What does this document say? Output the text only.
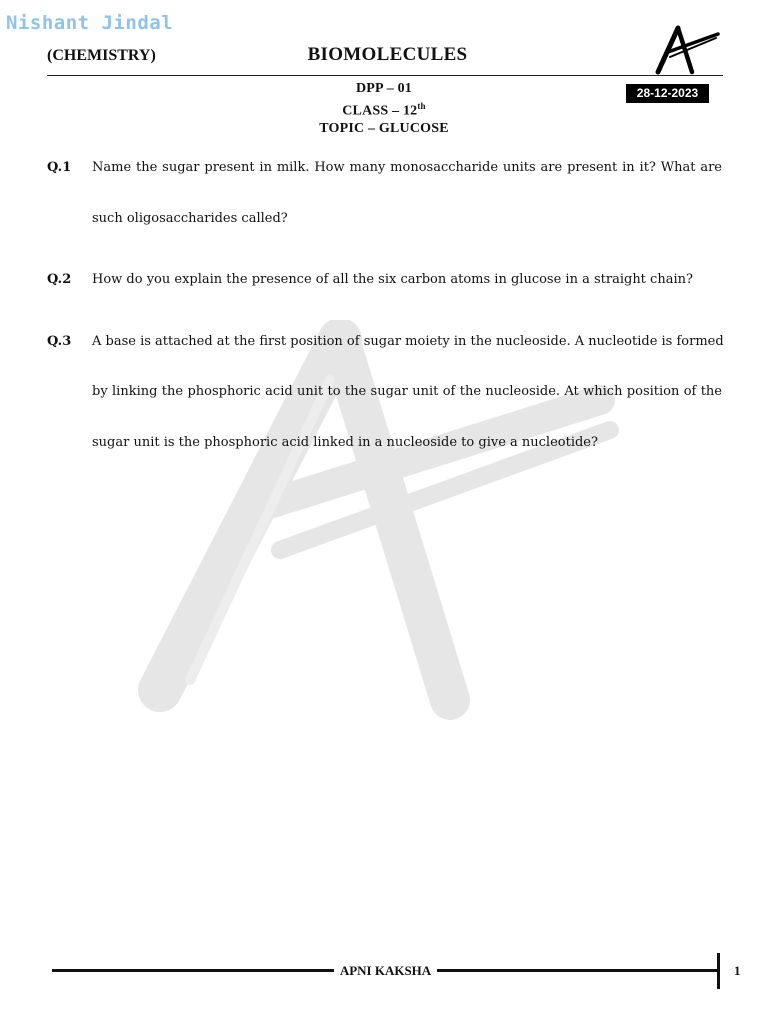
Nishant Jindal
(CHEMISTRY)	BIOMOLECULES
28-12-2023
DPP – 01
CLASS – 12th
TOPIC – GLUCOSE
Q.1 Name the sugar present in milk. How many monosaccharide units are present in it? What are
such oligosaccharides called?
Q.2 How do you explain the presence of all the six carbon atoms in glucose in a straight chain?
Q.3 A base is attached at the first position of sugar moiety in the nucleoside. A nucleotide is formed
by linking the phosphoric acid unit to the sugar unit of the nucleoside. At which position of the
sugar unit is the phosphoric acid linked in a nucleoside to give a nucleotide?
APNI KAKSHA	1
